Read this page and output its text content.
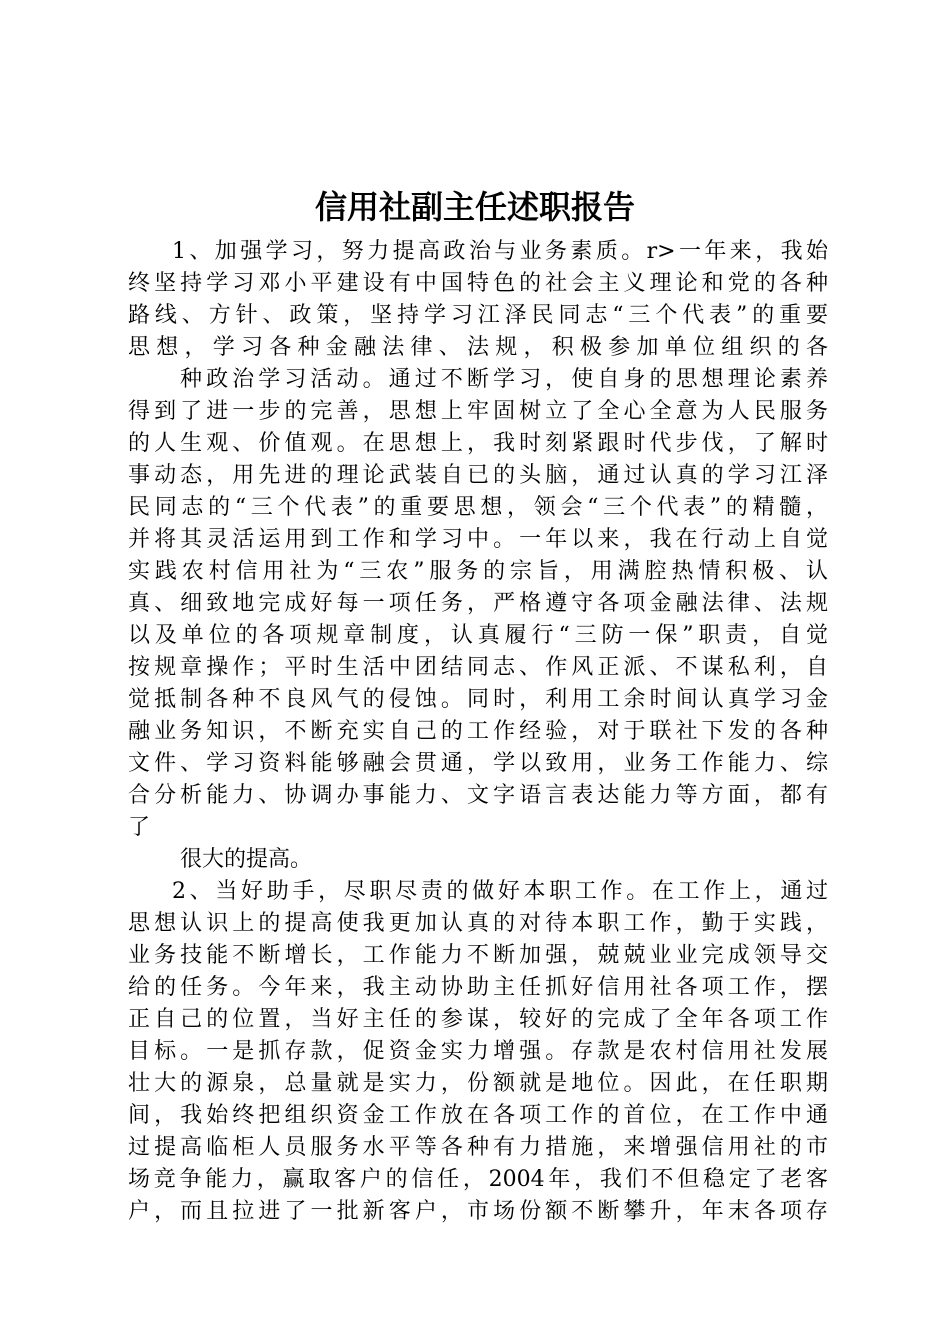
信用社副主任述职报告
1、加强学习，努力提高政治与业务素质。r>一年来，我始
终坚持学习邓小平建设有中国特色的社会主义理论和党的各种
路线、方针、政策，坚持学习江泽民同志“三个代表”的重要
思想，学习各种金融法律、法规，积极参加单位组织的各
种政治学习活动。通过不断学习，使自身的思想理论素养
得到了进一步的完善，思想上牢固树立了全心全意为人民服务
的人生观、价值观。在思想上，我时刻紧跟时代步伐，了解时
事动态，用先进的理论武装自已的头脑，通过认真的学习江泽
民同志的“三个代表”的重要思想，领会“三个代表”的精髓，
并将其灵活运用到工作和学习中。一年以来，我在行动上自觉
实践农村信用社为“三农”服务的宗旨，用满腔热情积极、认
真、细致地完成好每一项任务，严格遵守各项金融法律、法规
以及单位的各项规章制度，认真履行“三防一保”职责，自觉
按规章操作；平时生活中团结同志、作风正派、不谋私利，自
觉抵制各种不良风气的侵蚀。同时，利用工余时间认真学习金
融业务知识，不断充实自己的工作经验，对于联社下发的各种
文件、学习资料能够融会贯通，学以致用，业务工作能力、综
合分析能力、协调办事能力、文字语言表达能力等方面，都有
了
很大的提高。
2、当好助手，尽职尽责的做好本职工作。在工作上，通过
思想认识上的提高使我更加认真的对待本职工作，勤于实践，
业务技能不断增长，工作能力不断加强，兢兢业业完成领导交
给的任务。今年来，我主动协助主任抓好信用社各项工作，摆
正自己的位置，当好主任的参谋，较好的完成了全年各项工作
目标。一是抓存款，促资金实力增强。存款是农村信用社发展
壮大的源泉，总量就是实力，份额就是地位。因此，在任职期
间，我始终把组织资金工作放在各项工作的首位，在工作中通
过提高临柜人员服务水平等各种有力措施，来增强信用社的市
场竞争能力，赢取客户的信任，2004年，我们不但稳定了老客
户，而且拉进了一批新客户，市场份额不断攀升，年末各项存
